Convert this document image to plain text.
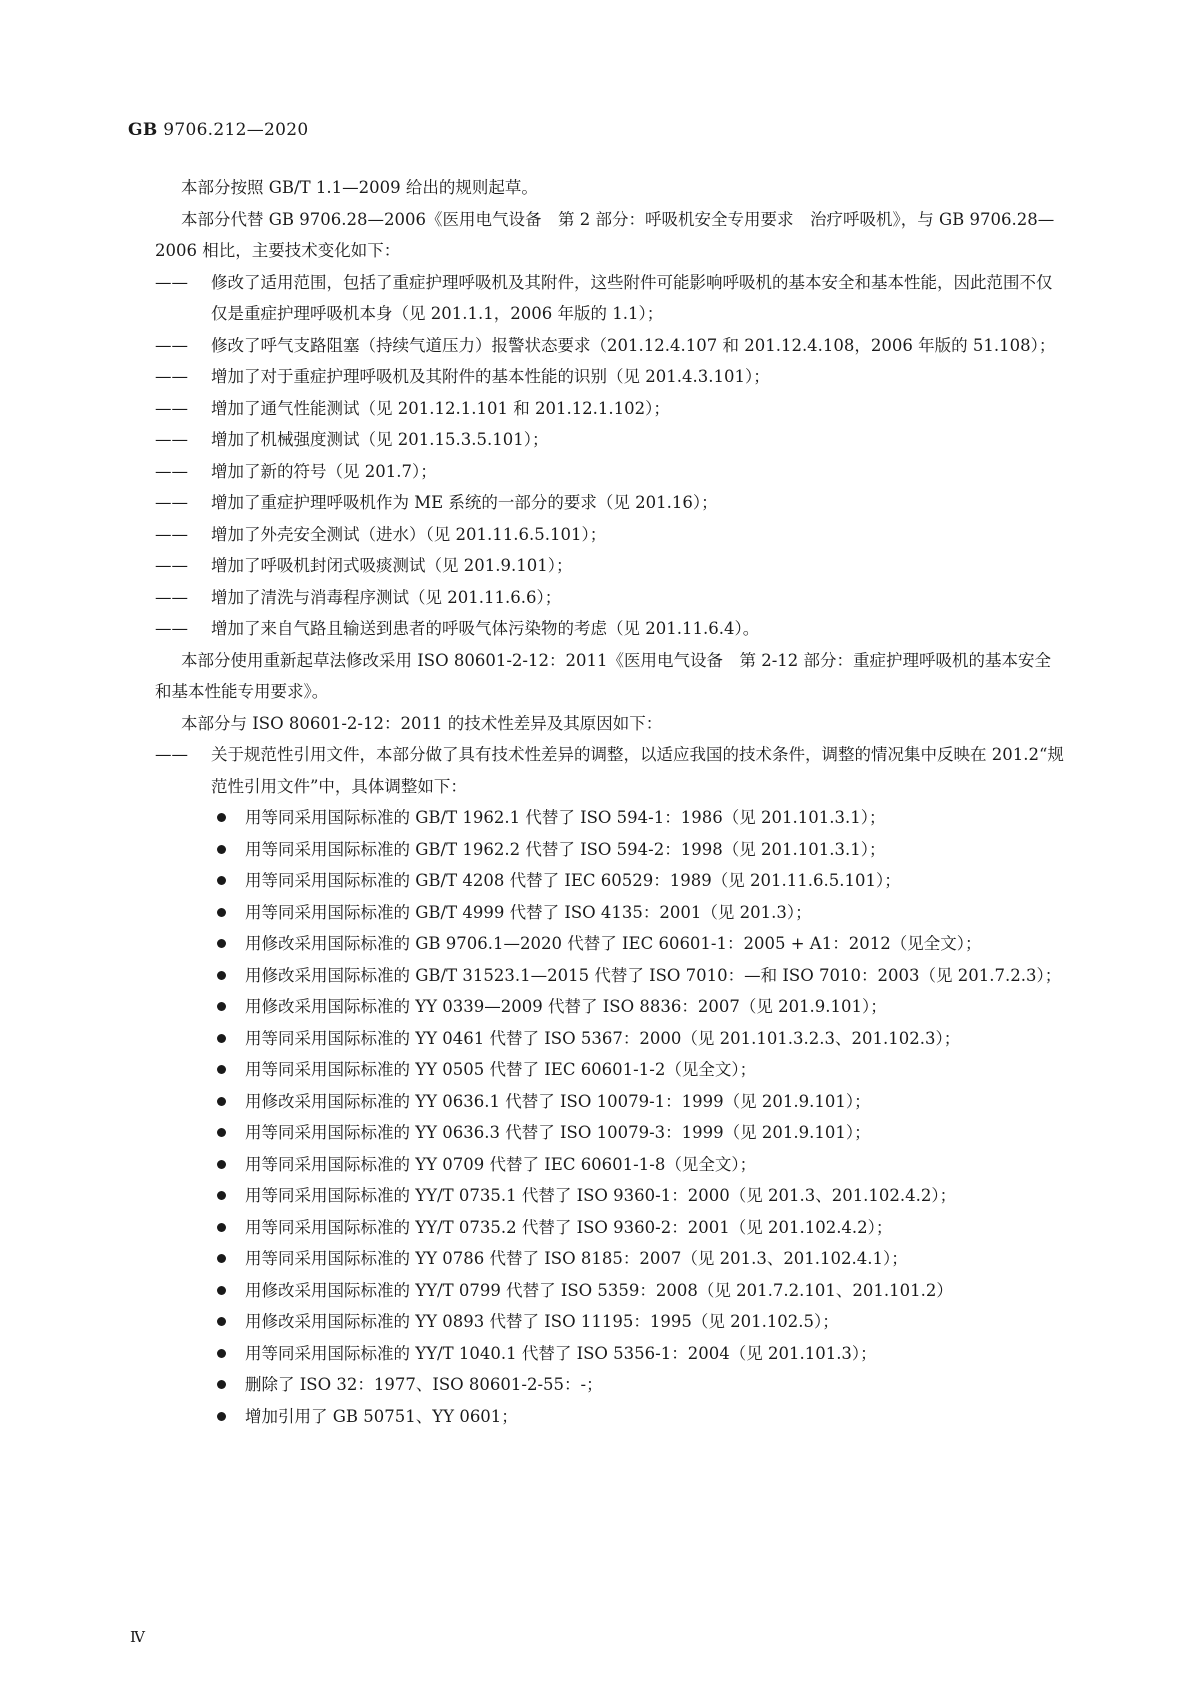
GB 9706.212—2020

本部分按照 GB/T 1.1—2009 给出的规则起草。

本部分代替 GB 9706.28—2006《医用电气设备　第 2 部分：呼吸机安全专用要求　治疗呼吸机》，与 GB 9706.28—2006 相比，主要技术变化如下：

—— 修改了适用范围，包括了重症护理呼吸机及其附件，这些附件可能影响呼吸机的基本安全和基本性能，因此范围不仅仅是重症护理呼吸机本身（见 201.1.1，2006 年版的 1.1）；

—— 修改了呼气支路阻塞（持续气道压力）报警状态要求（201.12.4.107 和 201.12.4.108，2006 年版的 51.108）；

—— 增加了对于重症护理呼吸机及其附件的基本性能的识别（见 201.4.3.101）；

—— 增加了通气性能测试（见 201.12.1.101 和 201.12.1.102）；

—— 增加了机械强度测试（见 201.15.3.5.101）；

—— 增加了新的符号（见 201.7）；

—— 增加了重症护理呼吸机作为 ME 系统的一部分的要求（见 201.16）；

—— 增加了外壳安全测试（进水）（见 201.11.6.5.101）；

—— 增加了呼吸机封闭式吸痰测试（见 201.9.101）；

—— 增加了清洗与消毒程序测试（见 201.11.6.6）；

—— 增加了来自气路且输送到患者的呼吸气体污染物的考虑（见 201.11.6.4）。

本部分使用重新起草法修改采用 ISO 80601-2-12：2011《医用电气设备　第 2-12 部分：重症护理呼吸机的基本安全和基本性能专用要求》。

本部分与 ISO 80601-2-12：2011 的技术性差异及其原因如下：

—— 关于规范性引用文件，本部分做了具有技术性差异的调整，以适应我国的技术条件，调整的情况集中反映在 201.2“规范性引用文件”中，具体调整如下：

用等同采用国际标准的 GB/T 1962.1 代替了 ISO 594-1：1986（见 201.101.3.1）；

用等同采用国际标准的 GB/T 1962.2 代替了 ISO 594-2：1998（见 201.101.3.1）；

用等同采用国际标准的 GB/T 4208 代替了 IEC 60529：1989（见 201.11.6.5.101）；

用等同采用国际标准的 GB/T 4999 代替了 ISO 4135：2001（见 201.3）；

用修改采用国际标准的 GB 9706.1—2020 代替了 IEC 60601-1：2005 + A1：2012（见全文）；

用修改采用国际标准的 GB/T 31523.1—2015 代替了 ISO 7010：—和 ISO 7010：2003（见 201.7.2.3）；

用修改采用国际标准的 YY 0339—2009 代替了 ISO 8836：2007（见 201.9.101）；

用等同采用国际标准的 YY 0461 代替了 ISO 5367：2000（见 201.101.3.2.3、201.102.3）；

用等同采用国际标准的 YY 0505 代替了 IEC 60601-1-2（见全文）；

用修改采用国际标准的 YY 0636.1 代替了 ISO 10079-1：1999（见 201.9.101）；

用等同采用国际标准的 YY 0636.3 代替了 ISO 10079-3：1999（见 201.9.101）；

用等同采用国际标准的 YY 0709 代替了 IEC 60601-1-8（见全文）；

用等同采用国际标准的 YY/T 0735.1 代替了 ISO 9360-1：2000（见 201.3、201.102.4.2）；

用等同采用国际标准的 YY/T 0735.2 代替了 ISO 9360-2：2001（见 201.102.4.2）；

用等同采用国际标准的 YY 0786 代替了 ISO 8185：2007（见 201.3、201.102.4.1）；

用修改采用国际标准的 YY/T 0799 代替了 ISO 5359：2008（见 201.7.2.101、201.101.2）

用修改采用国际标准的 YY 0893 代替了 ISO 11195：1995（见 201.102.5）；

用等同采用国际标准的 YY/T 1040.1 代替了 ISO 5356-1：2004（见 201.101.3）；

删除了 ISO 32：1977、ISO 80601-2-55：-；

增加引用了 GB 50751、YY 0601；

Ⅳ
